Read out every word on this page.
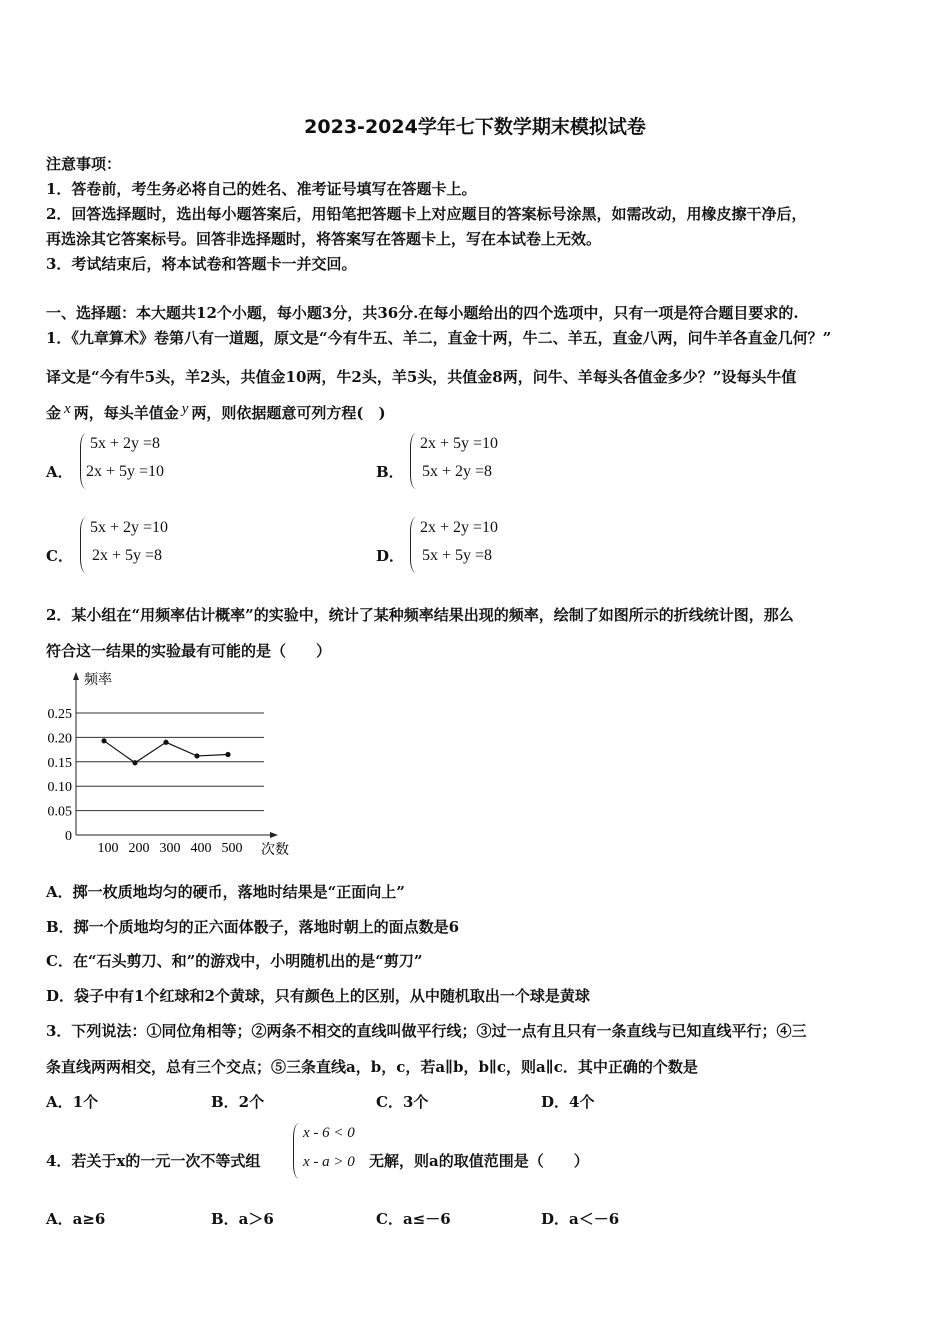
2023-2024学年七下数学期末模拟试卷
注意事项：
1．答卷前，考生务必将自己的姓名、准考证号填写在答题卡上。
2．回答选择题时，选出每小题答案后，用铅笔把答题卡上对应题目的答案标号涂黑，如需改动，用橡皮擦干净后，
再选涂其它答案标号。回答非选择题时，将答案写在答题卡上，写在本试卷上无效。
3．考试结束后，将本试卷和答题卡一并交回。
一、选择题：本大题共12个小题，每小题3分，共36分.在每小题给出的四个选项中，只有一项是符合题目要求的.
1．《九章算术》卷第八有一道题，原文是“今有牛五、羊二，直金十两，牛二、羊五，直金八两，问牛羊各直金几何？”
译文是“今有牛5头，羊2头，共值金10两，牛2头，羊5头，共值金8两，问牛、羊每头各值金多少？”设每头牛值
金 x 两，每头羊值金 y 两，则依据题意可列方程(　)
A．
5x + 2y =8
2x + 5y =10	B．
2x + 5y =10
5x + 2y =8
C．
5x + 2y =10
2x + 5y =8	D．
2x + 2y =10
5x + 5y =8
2．某小组在“用频率估计概率”的实验中，统计了某种频率结果出现的频率，绘制了如图所示的折线统计图，那么
符合这一结果的实验最有可能的是（　　）
频率
次数
0
0.05
0.10
0.15
0.20
0.25
100 200 300 400 500
A．掷一枚质地均匀的硬币，落地时结果是“正面向上”
B．掷一个质地均匀的正六面体骰子，落地时朝上的面点数是6
C．在“石头剪刀、和”的游戏中，小明随机出的是“剪刀”
D．袋子中有1个红球和2个黄球，只有颜色上的区别，从中随机取出一个球是黄球
3．下列说法：①同位角相等；②两条不相交的直线叫做平行线；③过一点有且只有一条直线与已知直线平行；④三
条直线两两相交，总有三个交点；⑤三条直线a，b，c，若a∥b，b∥c，则a∥c．其中正确的个数是
A．1个	B．2个	C．3个	D．4个
4．若关于x的一元一次不等式组
x - 6 < 0
x - a > 0 无解，则a的取值范围是（　　）
A．a≥6	B．a＞6	C．a≤－6	D．a＜－6
